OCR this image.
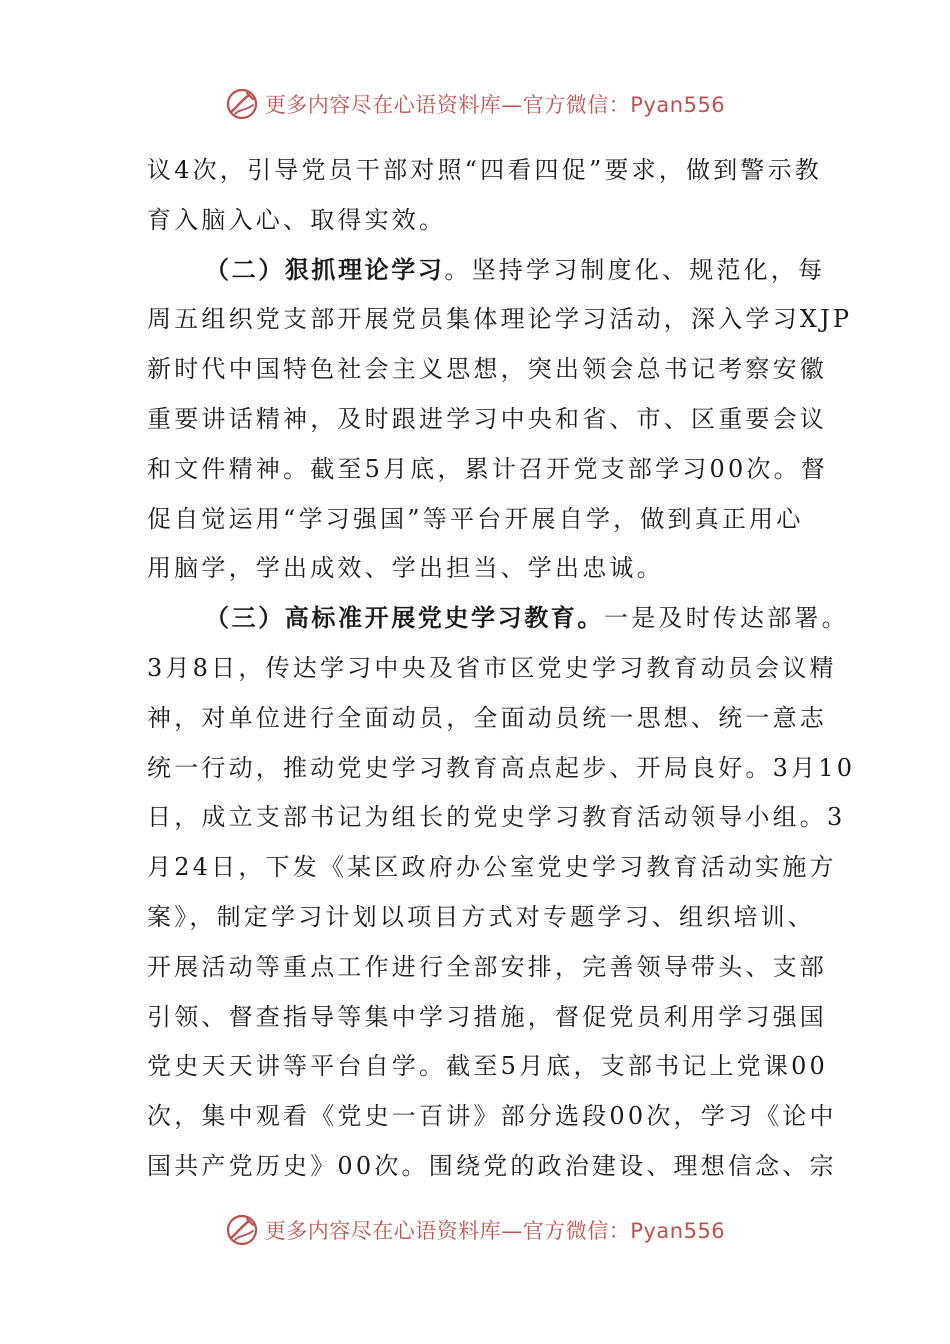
更多内容尽在心语资料库—官方微信：Pyan556
议4次，引导党员干部对照“四看四促”要求，做到警示教
育入脑入心、取得实效。
（二）狠抓理论学习。坚持学习制度化、规范化，每
周五组织党支部开展党员集体理论学习活动，深入学习XJP
新时代中国特色社会主义思想，突出领会总书记考察安徽
重要讲话精神，及时跟进学习中央和省、市、区重要会议
和文件精神。截至5月底，累计召开党支部学习00次。督
促自觉运用“学习强国”等平台开展自学，做到真正用心
用脑学，学出成效、学出担当、学出忠诚。
（三）高标准开展党史学习教育。一是及时传达部署。
3月8日，传达学习中央及省市区党史学习教育动员会议精
神，对单位进行全面动员，全面动员统一思想、统一意志
统一行动，推动党史学习教育高点起步、开局良好。3月10
日，成立支部书记为组长的党史学习教育活动领导小组。3
月24日，下发《某区政府办公室党史学习教育活动实施方
案》，制定学习计划以项目方式对专题学习、组织培训、
开展活动等重点工作进行全部安排，完善领导带头、支部
引领、督查指导等集中学习措施，督促党员利用学习强国
党史天天讲等平台自学。截至5月底，支部书记上党课00
次，集中观看《党史一百讲》部分选段00次，学习《论中
国共产党历史》00次。围绕党的政治建设、理想信念、宗
更多内容尽在心语资料库—官方微信：Pyan556
